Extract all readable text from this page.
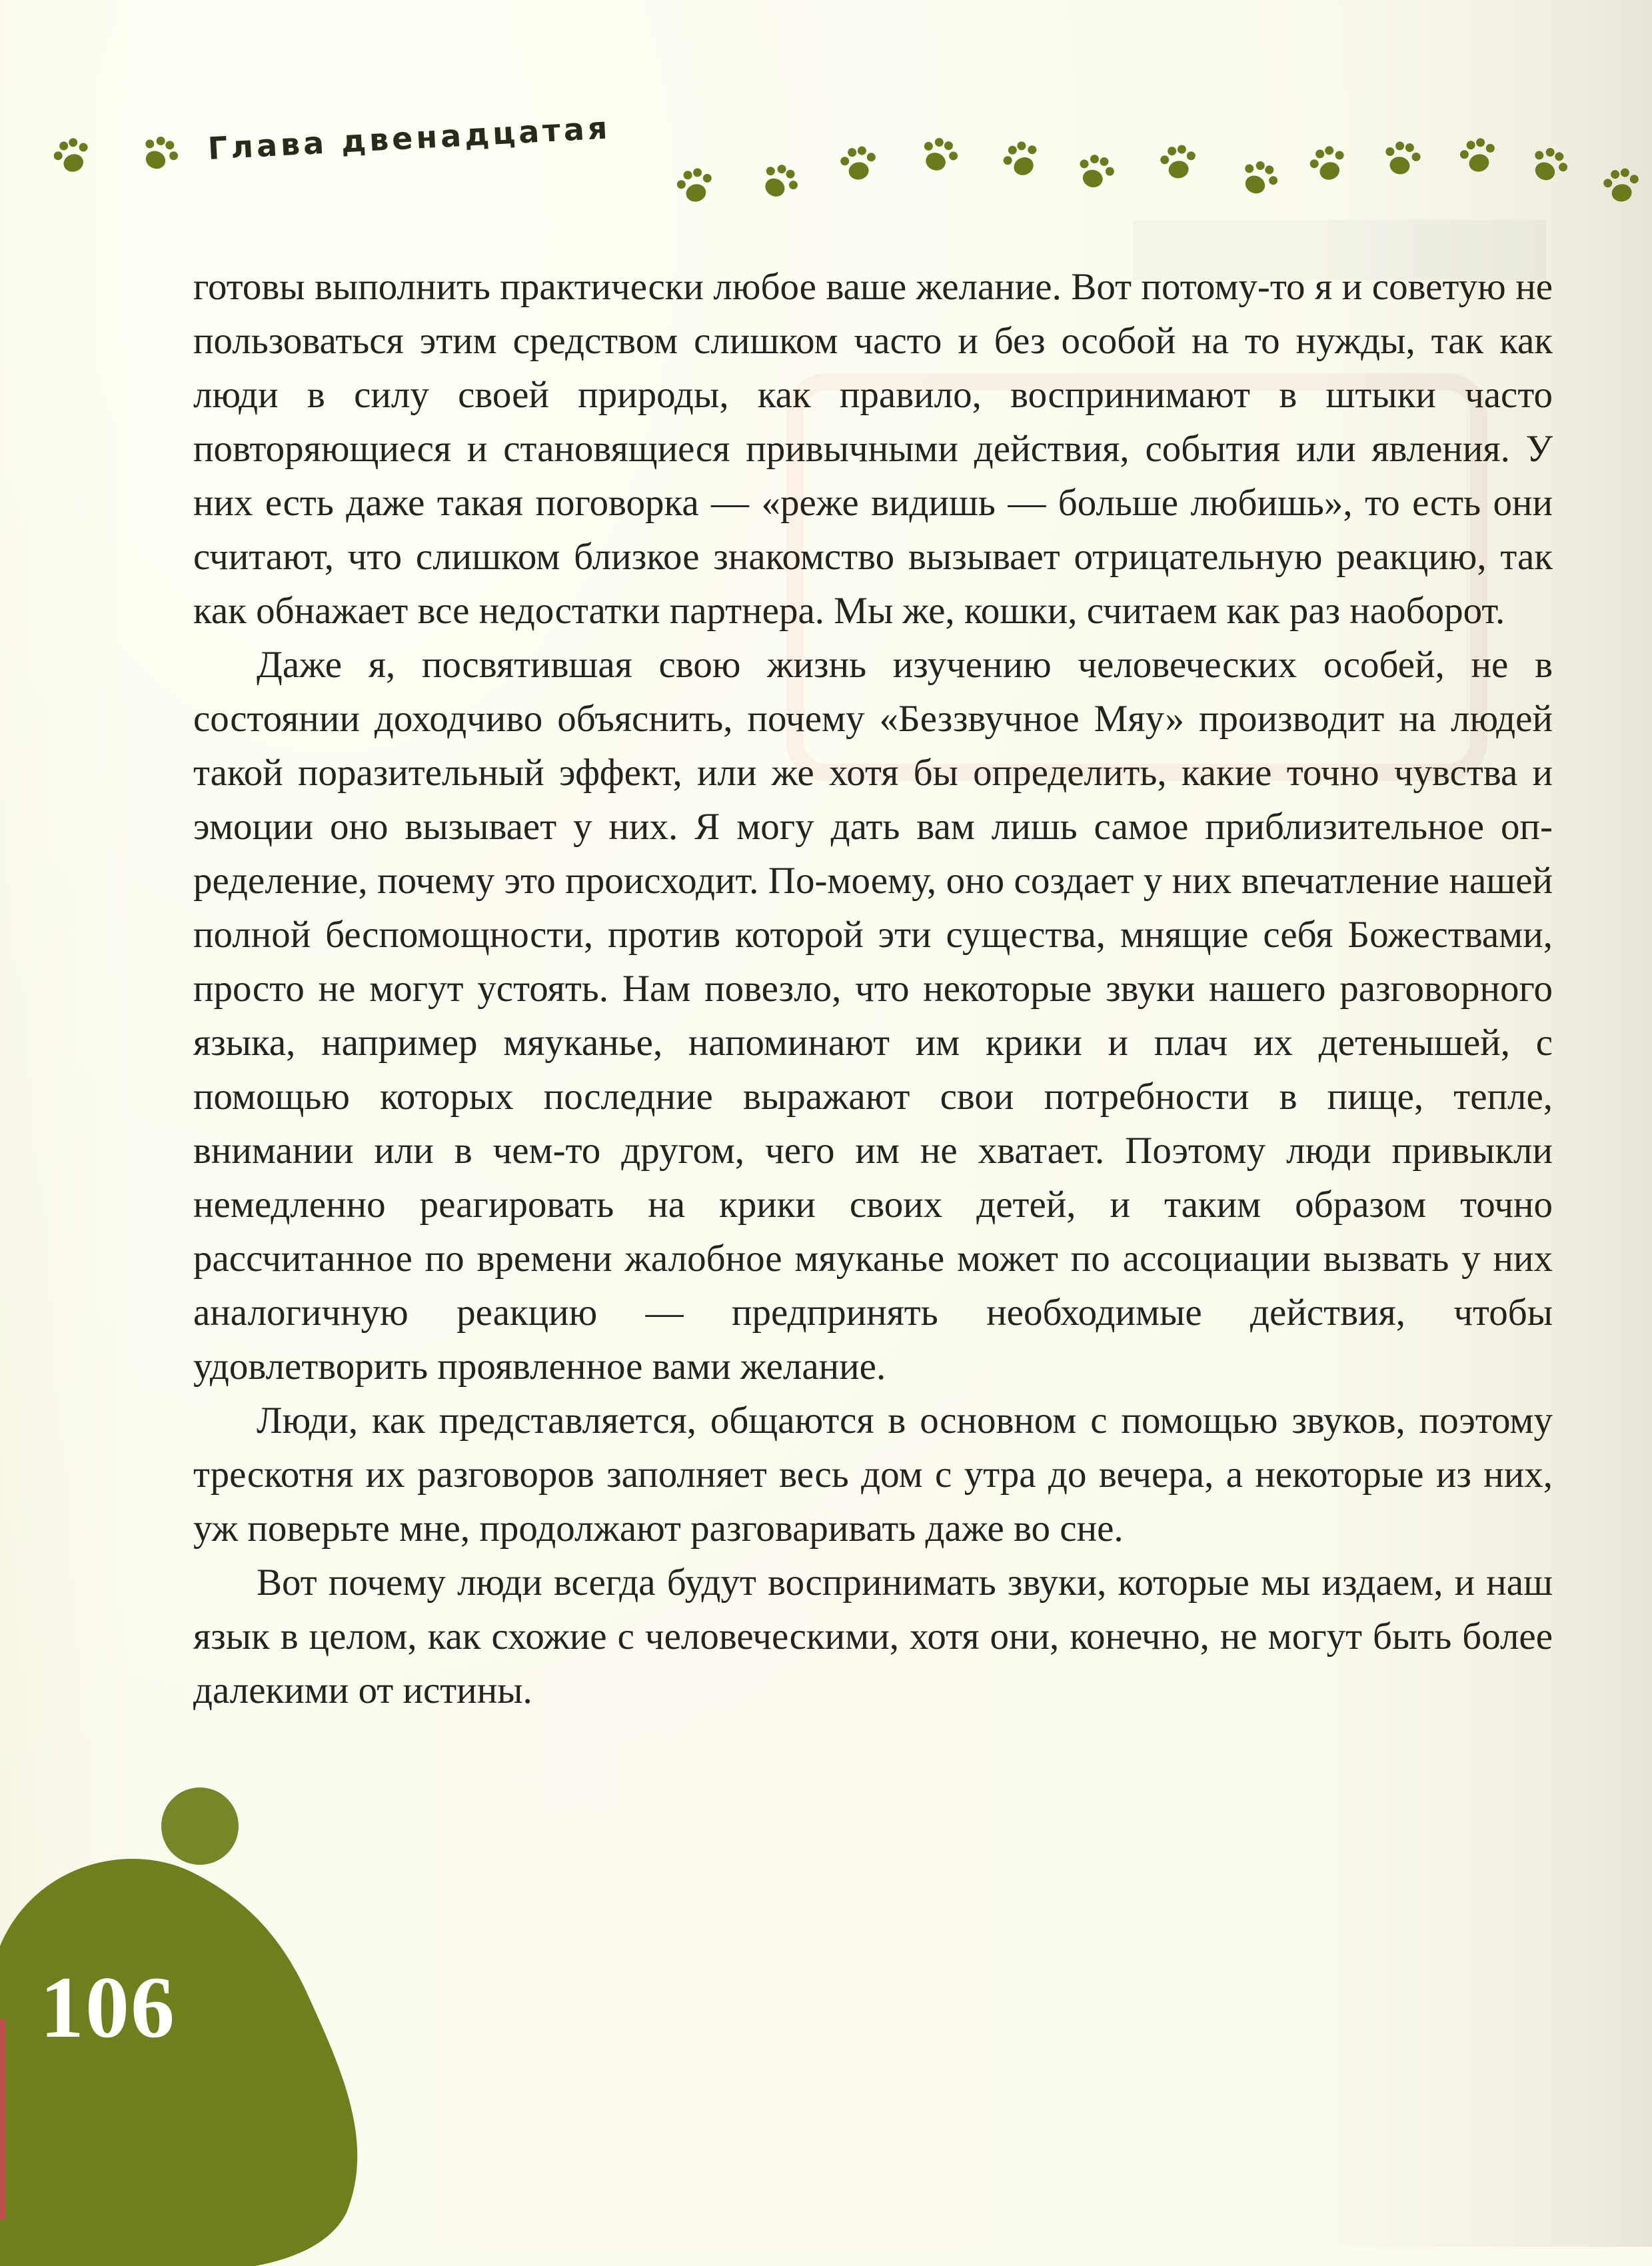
Глава двенадцатая

готовы выполнить практически любое ваше желание. Вот потому-то я и советую не пользоваться этим средством слишком часто и без особой на то нужды, так как люди в силу своей природы, как правило, воспринимают в штыки часто повторяющиеся и становящиеся привычными действия, события или явления. У них есть даже такая поговорка — «реже видишь — больше любишь», то есть они считают, что слишком близкое знакомство вызывает отрицательную реакцию, так как обнажает все недостатки партнера. Мы же, кошки, считаем как раз наоборот.

Даже я, посвятившая свою жизнь изучению человеческих особей, не в состоянии доходчиво объяснить, почему «Беззвучное Мяу» производит на людей такой поразительный эффект, или же хотя бы определить, какие точно чувства и эмоции оно вызывает у них. Я могу дать вам лишь самое приблизительное определение, почему это происходит. По-моему, оно создает у них впечатление нашей полной беспомощности, против которой эти существа, мнящие себя Божествами, просто не могут устоять. Нам повезло, что некоторые звуки нашего разговорного языка, например мяуканье, напоминают им крики и плач их детенышей, с помощью которых последние выражают свои потребности в пище, тепле, внимании или в чем-то другом, чего им не хватает. Поэтому люди привыкли немедленно реагировать на крики своих детей, и таким образом точно рассчитанное по времени жалобное мяуканье может по ассоциации вызвать у них аналогичную реакцию — предпринять необходимые действия, чтобы удовлетворить проявленное вами желание.

Люди, как представляется, общаются в основном с помощью звуков, поэтому трескотня их разговоров заполняет весь дом с утра до вечера, а некоторые из них, уж поверьте мне, продолжают разговаривать даже во сне.

Вот почему люди всегда будут воспринимать звуки, которые мы издаем, и наш язык в целом, как схожие с человеческими, хотя они, конечно, не могут быть более далекими от истины.

106
